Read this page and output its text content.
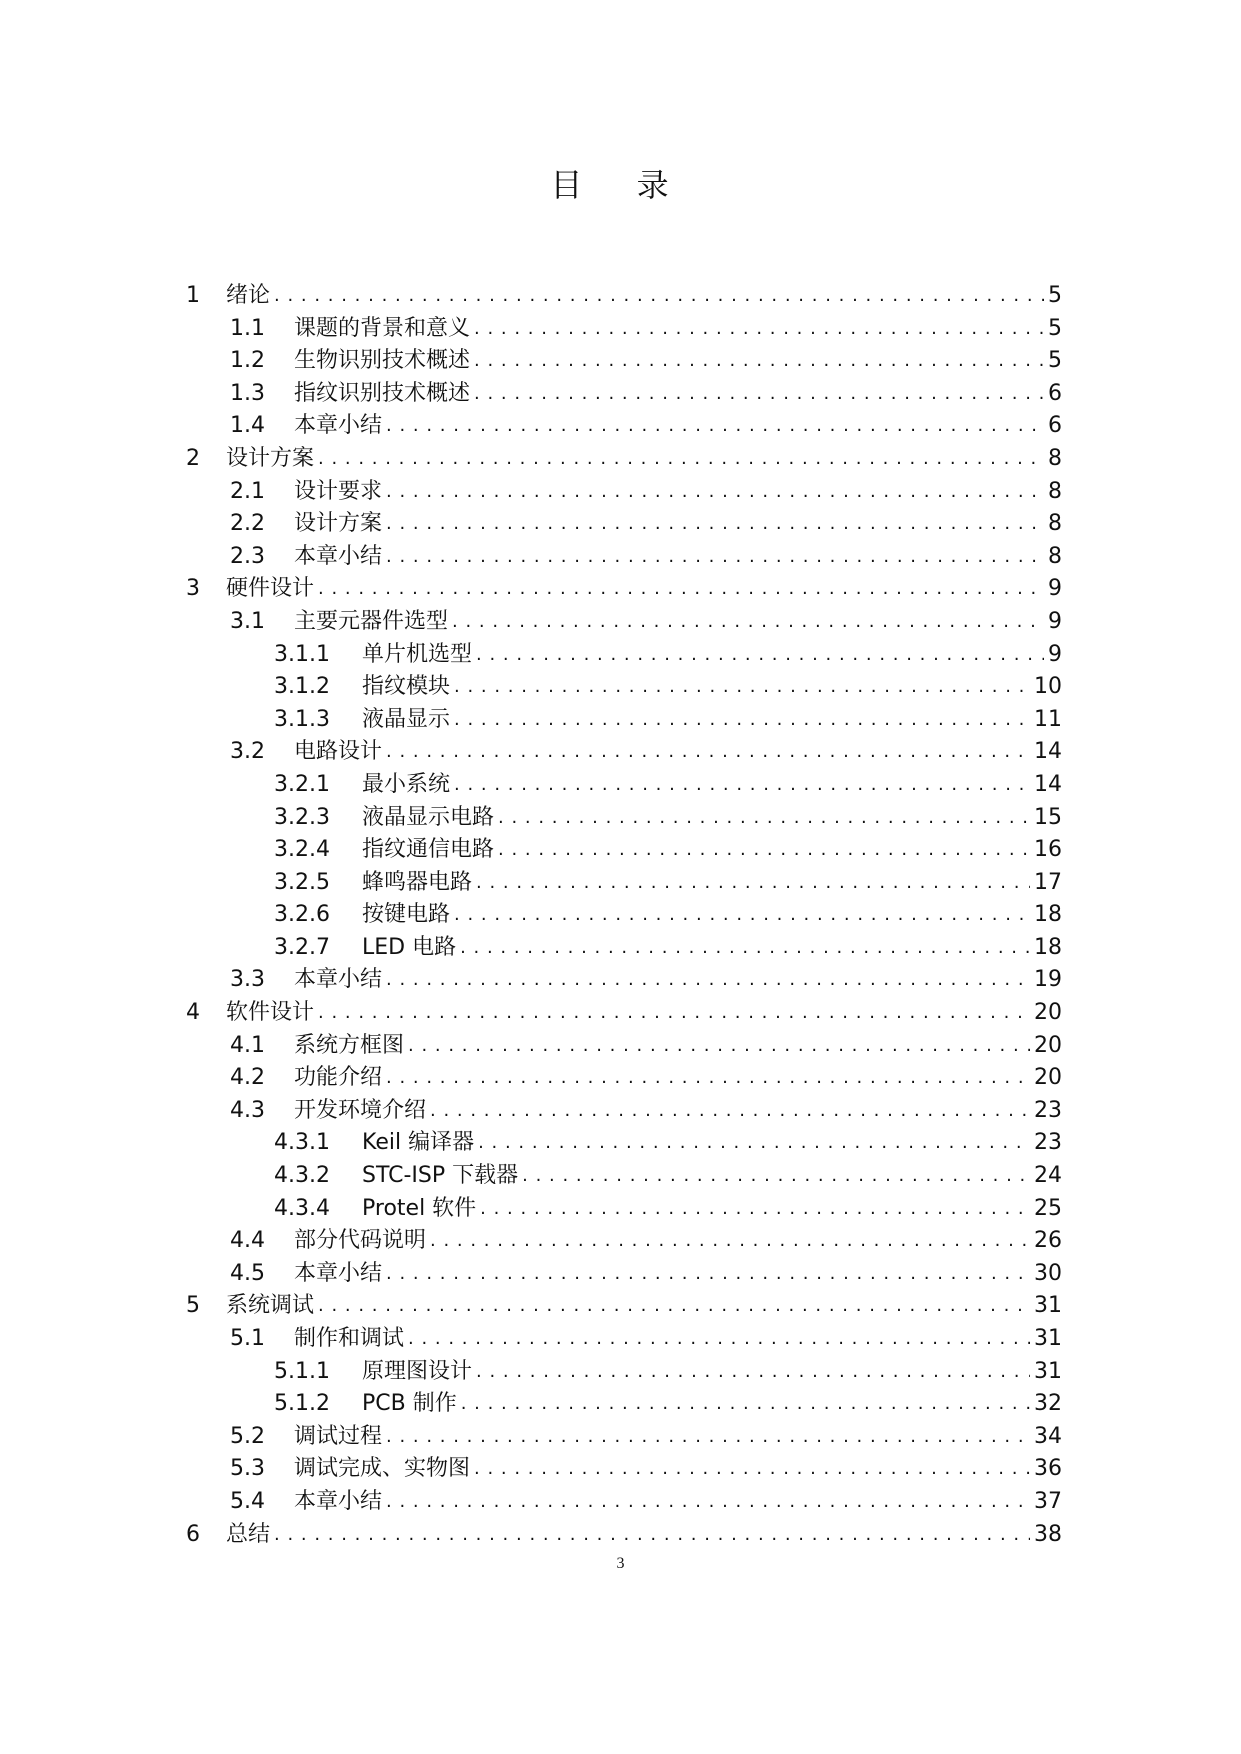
目 录
1	绪论 . . .	5
1.1	课题的背景和意义 . . .	5
1.2	生物识别技术概述 . . .	5
1.3	指纹识别技术概述 . . .	6
1.4	本章小结 . . .	6
2	设计方案 . . .	8
2.1	设计要求 . . .	8
2.2	设计方案 . . .	8
2.3	本章小结 . . .	8
3	硬件设计 . . .	9
3.1	主要元器件选型 . . .	9
3.1.1	单片机选型 . . .	9
3.1.2	指纹模块 . . .	10
3.1.3	液晶显示 . . .	11
3.2	电路设计 . . .	14
3.2.1	最小系统 . . .	14
3.2.3	液晶显示电路 . . .	15
3.2.4	指纹通信电路 . . .	16
3.2.5	蜂鸣器电路 . . .	17
3.2.6	按键电路 . . .	18
3.2.7	LED 电路 . . .	18
3.3	本章小结 . . .	19
4	软件设计 . . .	20
4.1	系统方框图 . . .	20
4.2	功能介绍 . . .	20
4.3	开发环境介绍 . . .	23
4.3.1	Keil 编译器 . . .	23
4.3.2	STC-ISP 下载器 . . .	24
4.3.4	Protel 软件 . . .	25
4.4	部分代码说明 . . .	26
4.5	本章小结 . . .	30
5	系统调试 . . .	31
5.1	制作和调试 . . .	31
5.1.1	原理图设计 . . .	31
5.1.2	PCB 制作 . . .	32
5.2	调试过程 . . .	34
5.3	调试完成、实物图 . . .	36
5.4	本章小结 . . .	37
6	总结 . . .	38
3
